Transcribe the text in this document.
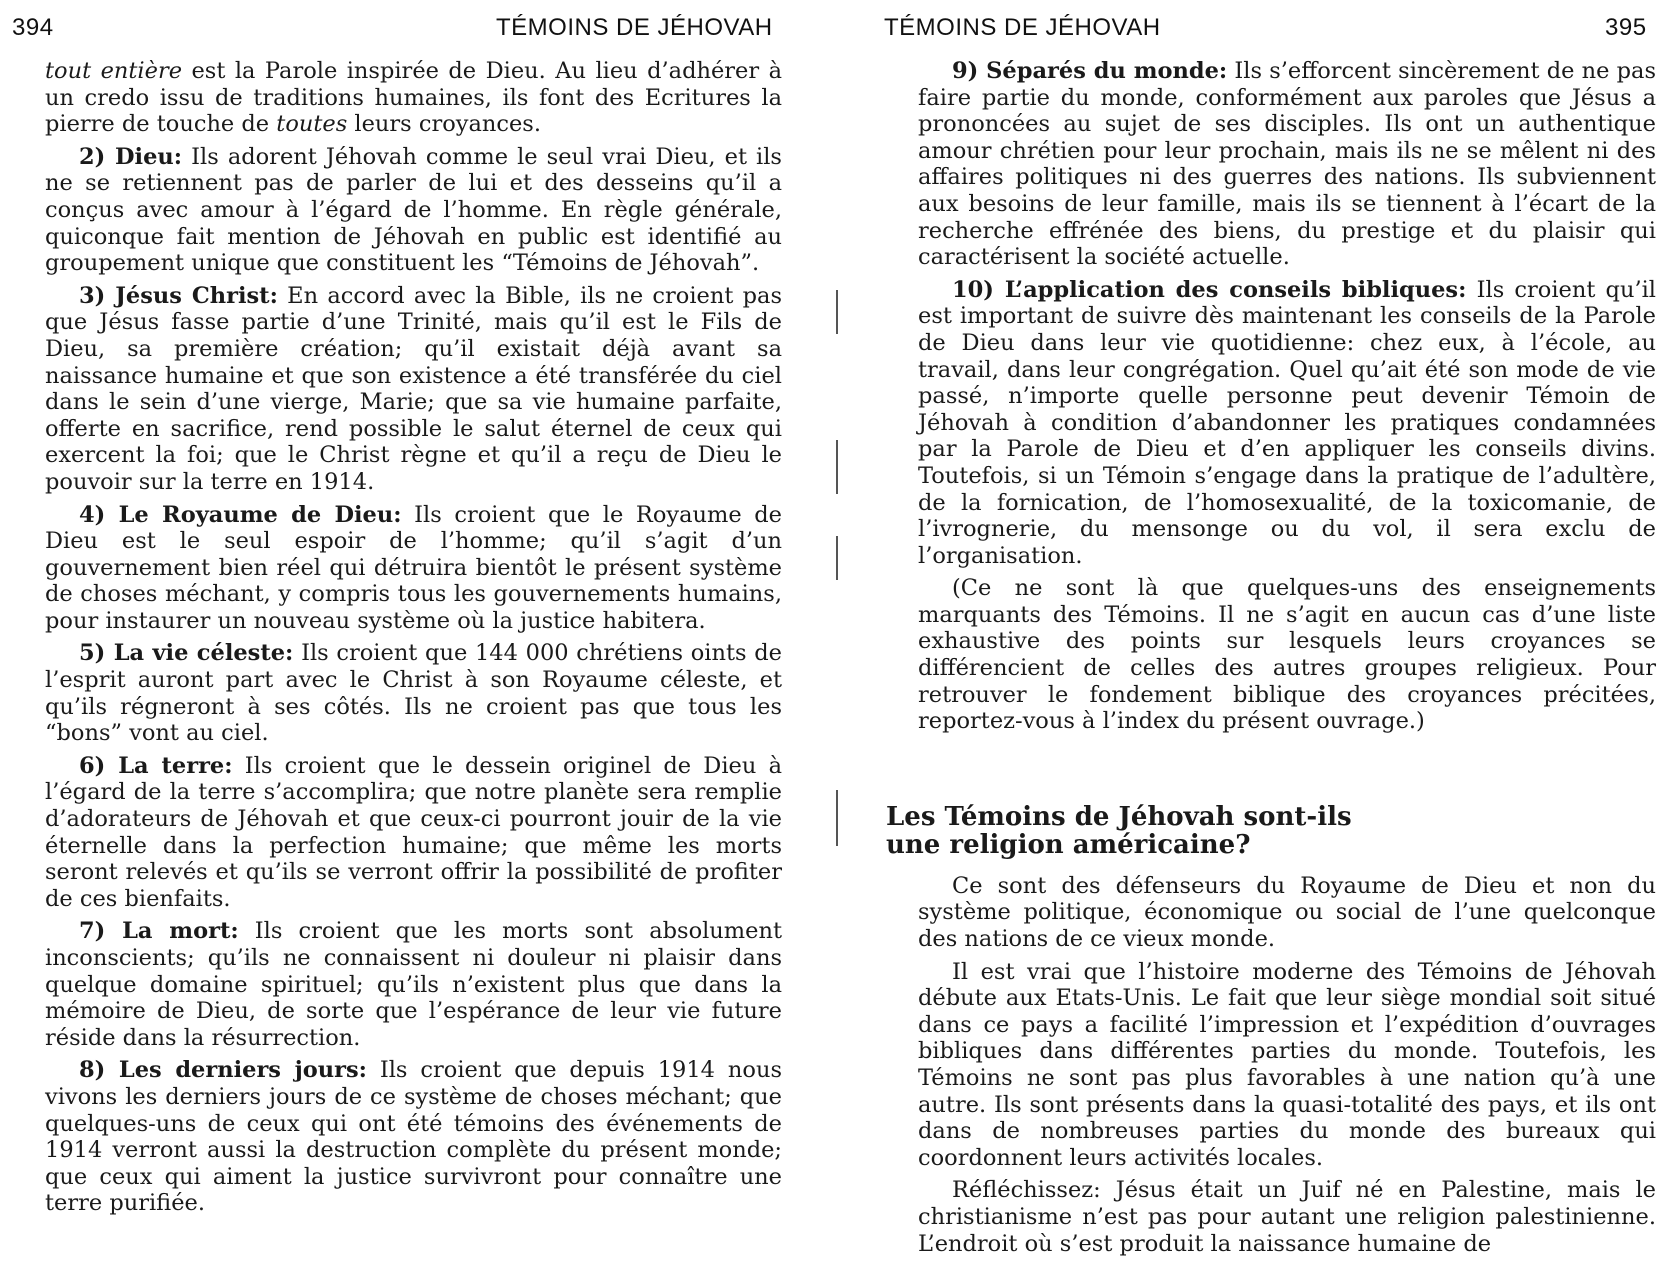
394	TÉMOINS DE JÉHOVAH

tout entière est la Parole inspirée de Dieu. Au lieu d’adhérer à un credo issu de traditions humaines, ils font des Ecritures la pierre de touche de toutes leurs croyances.

2) Dieu: Ils adorent Jéhovah comme le seul vrai Dieu, et ils ne se retiennent pas de parler de lui et des desseins qu’il a conçus avec amour à l’égard de l’homme. En règle générale, quiconque fait mention de Jéhovah en public est identifié au groupement unique que constituent les “Témoins de Jéhovah”.

3) Jésus Christ: En accord avec la Bible, ils ne croient pas que Jésus fasse partie d’une Trinité, mais qu’il est le Fils de Dieu, sa première création; qu’il existait déjà avant sa naissance humaine et que son existence a été transférée du ciel dans le sein d’une vierge, Marie; que sa vie humaine parfaite, offerte en sacrifice, rend possible le salut éternel de ceux qui exercent la foi; que le Christ règne et qu’il a reçu de Dieu le pouvoir sur la terre en 1914.

4) Le Royaume de Dieu: Ils croient que le Royaume de Dieu est le seul espoir de l’homme; qu’il s’agit d’un gouvernement bien réel qui détruira bientôt le présent système de choses méchant, y compris tous les gouvernements humains, pour instaurer un nouveau système où la justice habitera.

5) La vie céleste: Ils croient que 144 000 chrétiens oints de l’esprit auront part avec le Christ à son Royaume céleste, et qu’ils régneront à ses côtés. Ils ne croient pas que tous les “bons” vont au ciel.

6) La terre: Ils croient que le dessein originel de Dieu à l’égard de la terre s’accomplira; que notre planète sera remplie d’adorateurs de Jéhovah et que ceux-ci pourront jouir de la vie éternelle dans la perfection humaine; que même les morts seront relevés et qu’ils se verront offrir la possibilité de profiter de ces bienfaits.

7) La mort: Ils croient que les morts sont absolument inconscients; qu’ils ne connaissent ni douleur ni plaisir dans quelque domaine spirituel; qu’ils n’existent plus que dans la mémoire de Dieu, de sorte que l’espérance de leur vie future réside dans la résurrection.

8) Les derniers jours: Ils croient que depuis 1914 nous vivons les derniers jours de ce système de choses méchant; que quelques-uns de ceux qui ont été témoins des événements de 1914 verront aussi la destruction complète du présent monde; que ceux qui aiment la justice survivront pour connaître une terre purifiée.

TÉMOINS DE JÉHOVAH	395

9) Séparés du monde: Ils s’efforcent sincèrement de ne pas faire partie du monde, conformément aux paroles que Jésus a prononcées au sujet de ses disciples. Ils ont un authentique amour chrétien pour leur prochain, mais ils ne se mêlent ni des affaires politiques ni des guerres des nations. Ils subviennent aux besoins de leur famille, mais ils se tiennent à l’écart de la recherche effrénée des biens, du prestige et du plaisir qui caractérisent la société actuelle.

10) L’application des conseils bibliques: Ils croient qu’il est important de suivre dès maintenant les conseils de la Parole de Dieu dans leur vie quotidienne: chez eux, à l’école, au travail, dans leur congrégation. Quel qu’ait été son mode de vie passé, n’importe quelle personne peut devenir Témoin de Jéhovah à condition d’abandonner les pratiques condamnées par la Parole de Dieu et d’en appliquer les conseils divins. Toutefois, si un Témoin s’engage dans la pratique de l’adultère, de la fornication, de l’homosexualité, de la toxicomanie, de l’ivrognerie, du mensonge ou du vol, il sera exclu de l’organisation.

(Ce ne sont là que quelques-uns des enseignements marquants des Témoins. Il ne s’agit en aucun cas d’une liste exhaustive des points sur lesquels leurs croyances se différencient de celles des autres groupes religieux. Pour retrouver le fondement biblique des croyances précitées, reportez-vous à l’index du présent ouvrage.)

Les Témoins de Jéhovah sont-ils
une religion américaine?

Ce sont des défenseurs du Royaume de Dieu et non du système politique, économique ou social de l’une quelconque des nations de ce vieux monde.

Il est vrai que l’histoire moderne des Témoins de Jéhovah débute aux Etats-Unis. Le fait que leur siège mondial soit situé dans ce pays a facilité l’impression et l’expédition d’ouvrages bibliques dans différentes parties du monde. Toutefois, les Témoins ne sont pas plus favorables à une nation qu’à une autre. Ils sont présents dans la quasi-totalité des pays, et ils ont dans de nombreuses parties du monde des bureaux qui coordonnent leurs activités locales.

Réfléchissez: Jésus était un Juif né en Palestine, mais le christianisme n’est pas pour autant une religion palestinienne. L’endroit où s’est produit la naissance humaine de
